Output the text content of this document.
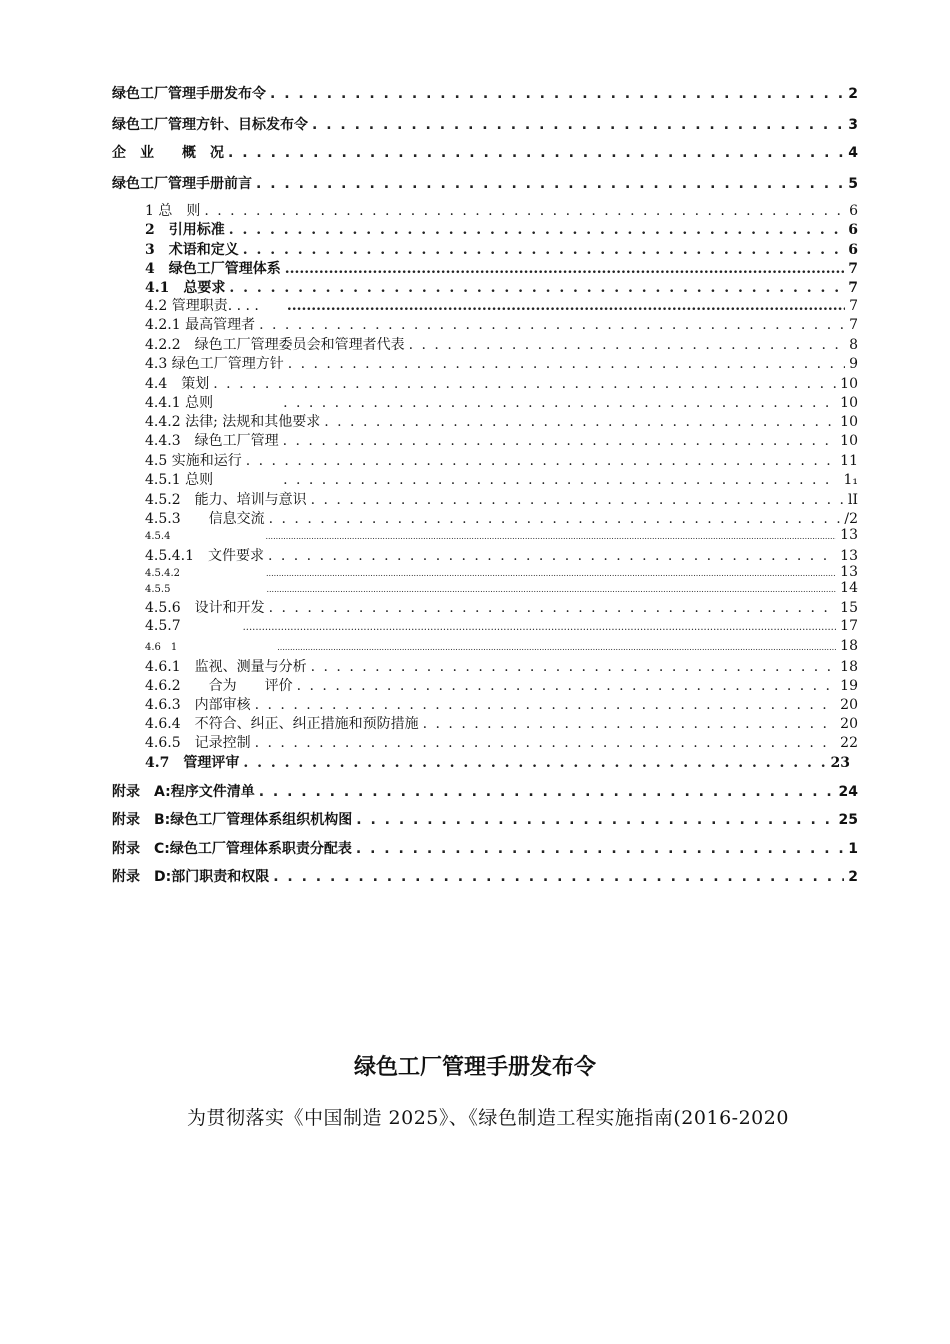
绿色工厂管理手册发布令 . . .	2
绿色工厂管理方针、目标发布令 . . .	3
企　业　　概　况 . . .	4
绿色工厂管理手册前言 . . .	5
1 总　则 . . .	6
2　引用标准 . . .	6
3　术语和定义 . . .	6
4　绿色工厂管理体系 .....	7
4.1　总要求 . . .	7
4.2 管理职责. . . . .....	7
4.2.1 最高管理者 . . .	7
4.2.2　绿色工厂管理委员会和管理者代表 . . .	8
4.3 绿色工厂管理方针 . . .	9
4.4　策划 . . .	10
4.4.1 总则 . . .	10
4.4.2 法律; 法规和其他要求 . . .	10
4.4.3　绿色工厂管理 . . .	10
4.5 实施和运行 . . .	11
4.5.1 总则 . . .	1₁
4.5.2　能力、培训与意识 . . .	lI
4.5.3　　信息交流 . . .	/2
4.5.4 .....	13
4.5.4.1　文件要求 . . .	13
4.5.4.2 .....	13
4.5.5 .....	14
4.5.6　设计和开发 . . .	15
4.5.7 .....	17
4.6　1 .....	18
4.6.1　监视、测量与分析 . . .	18
4.6.2　　合为　　评价 . . .	19
4.6.3　内部审核 . . .	20
4.6.4　不符合、纠正、纠正措施和预防措施 . . .	20
4.6.5　记录控制 . . .	22
4.7　管理评审 . . .	23
附录　A:程序文件清单 . . .	24
附录　B:绿色工厂管理体系组织机构图 . . .	25
附录　C:绿色工厂管理体系职责分配表 . . .	1
附录　D:部门职责和权限 . . .	2
绿色工厂管理手册发布令
为贯彻落实《中国制造 2025》、《绿色制造工程实施指南(2016-2020
